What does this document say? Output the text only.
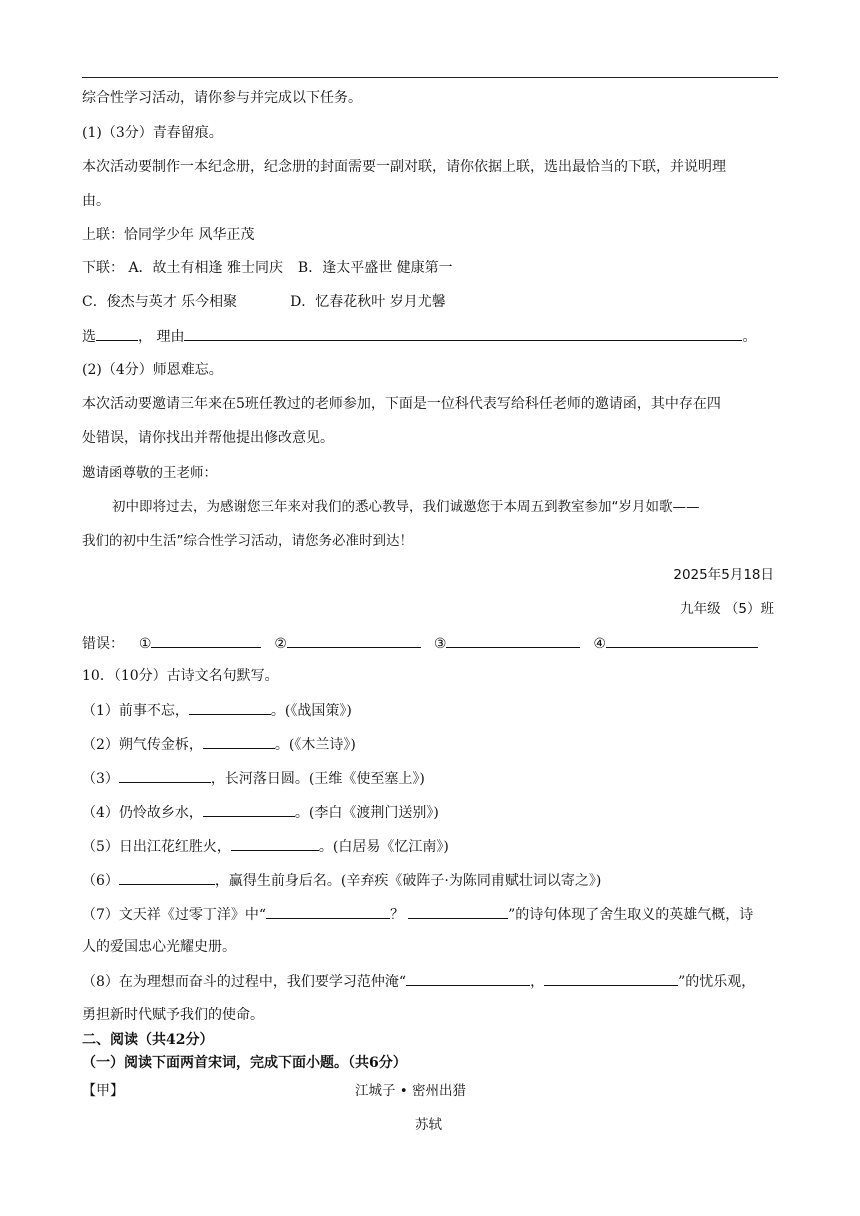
综合性学习活动，请你参与并完成以下任务。
(1)（3分）青春留痕。
本次活动要制作一本纪念册，纪念册的封面需要一副对联，请你依据上联，选出最恰当的下联，并说明理
由。
上联：恰同学少年 风华正茂
下联： A．故土有相逢 雅士同庆 B．逢太平盛世 健康第一
C．俊杰与英才 乐今相聚	D．忆春花秋叶 岁月尤馨
选	， 理由	。
(2)（4分）师恩难忘。
本次活动要邀请三年来在5班任教过的老师参加，下面是一位科代表写给科任老师的邀请函，其中存在四
处错误，请你找出并帮他提出修改意见。
邀请函尊敬的王老师：
初中即将过去，为感谢您三年来对我们的悉心教导，我们诚邀您于本周五到教室参加“岁月如歌——
我们的初中生活”综合性学习活动，请您务必准时到达！
2025年5月18日
九年级 （5）班
错误： ①	②	③	④
10．（10分）古诗文名句默写。
（1）前事不忘，	。(《战国策》)
（2）朔气传金柝，	。(《木兰诗》)
（3）	，长河落日圆。(王维《使至塞上》)
（4）仍怜故乡水，	。(李白《渡荆门送别》)
（5）日出江花红胜火，	。(白居易《忆江南》)
（6）	，赢得生前身后名。(辛弃疾《破阵子·为陈同甫赋壮词以寄之》)
（7）文天祥《过零丁洋》中“	？	”的诗句体现了舍生取义的英雄气概，诗
人的爱国忠心光耀史册。
（8）在为理想而奋斗的过程中，我们要学习范仲淹“	，	”的忧乐观，
勇担新时代赋予我们的使命。
二、阅读（共42分）
（一）阅读下面两首宋词，完成下面小题。（共6分）
【甲】	江城子 • 密州出猎
苏轼
